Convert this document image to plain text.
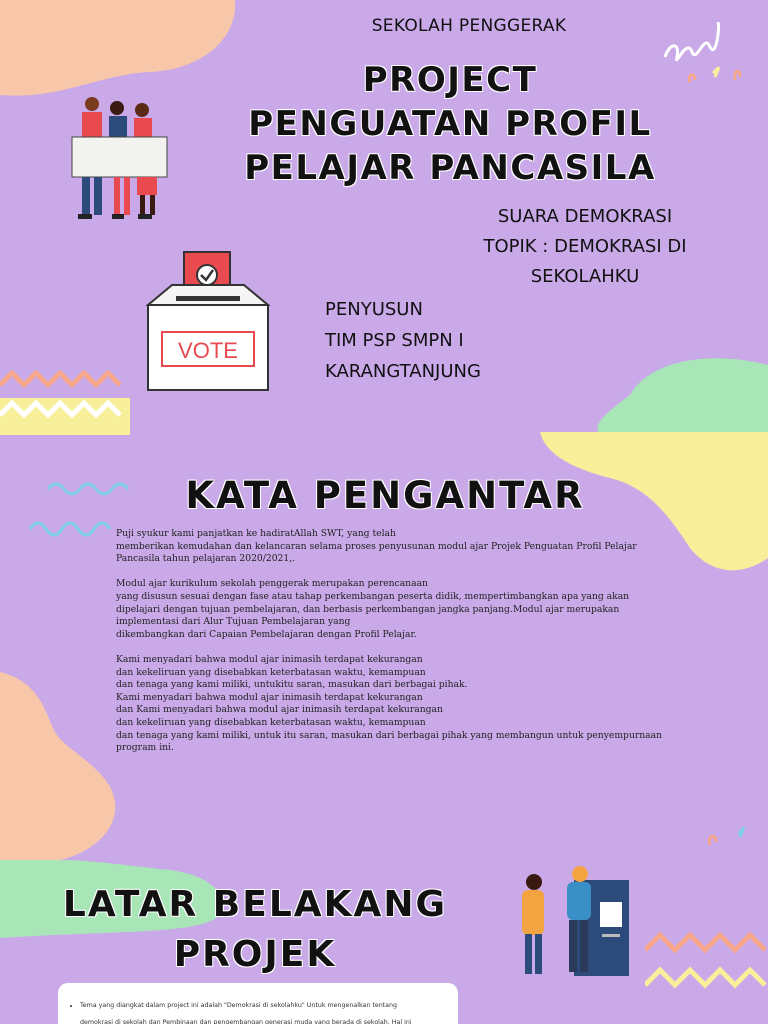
VOTE
SEKOLAH PENGGERAK
PROJECT
PENGUATAN PROFIL
PELAJAR PANCASILA
SUARA DEMOKRASI
TOPIK : DEMOKRASI DI
SEKOLAHKU
PENYUSUN
TIM PSP SMPN I
KARANGTANJUNG
KATA PENGANTAR

Puji syukur kami panjatkan ke hadiratAllah SWT, yang telah
memberikan kemudahan dan kelancaran selama proses penyusunan modul ajar Projek Penguatan Profil Pelajar
Pancasila tahun pelajaran 2020/2021,.

Modul ajar kurikulum sekolah penggerak merupakan perencanaan
yang disusun sesuai dengan fase atau tahap perkembangan peserta didik, mempertimbangkan apa yang akan
dipelajari dengan tujuan pembelajaran, dan berbasis perkembangan jangka panjang.Modul ajar merupakan
implementasi dari Alur Tujuan Pembelajaran yang
dikembangkan dari Capaian Pembelajaran dengan Profil Pelajar.

Kami menyadari bahwa modul ajar inimasih terdapat kekurangan
dan kekeliruan yang disebabkan keterbatasan waktu, kemampuan
dan tenaga yang kami miliki, untukitu saran, masukan dari berbagai pihak.
Kami menyadari bahwa modul ajar inimasih terdapat kekurangan
dan Kami menyadari bahwa modul ajar inimasih terdapat kekurangan
dan kekeliruan yang disebabkan keterbatasan waktu, kemampuan
dan tenaga yang kami miliki, untuk itu saran, masukan dari berbagai pihak yang membangun untuk penyempurnaan
program ini.

LATAR BELAKANG
PROJEK
• Tema yang diangkat dalam project ini adalah "Demokrasi di sekolahku" Untuk mengenalkan tentang
demokrasi di sekolah dan Pembinaan dan pengembangan generasi muda yang berada di sekolah. Hal ini
